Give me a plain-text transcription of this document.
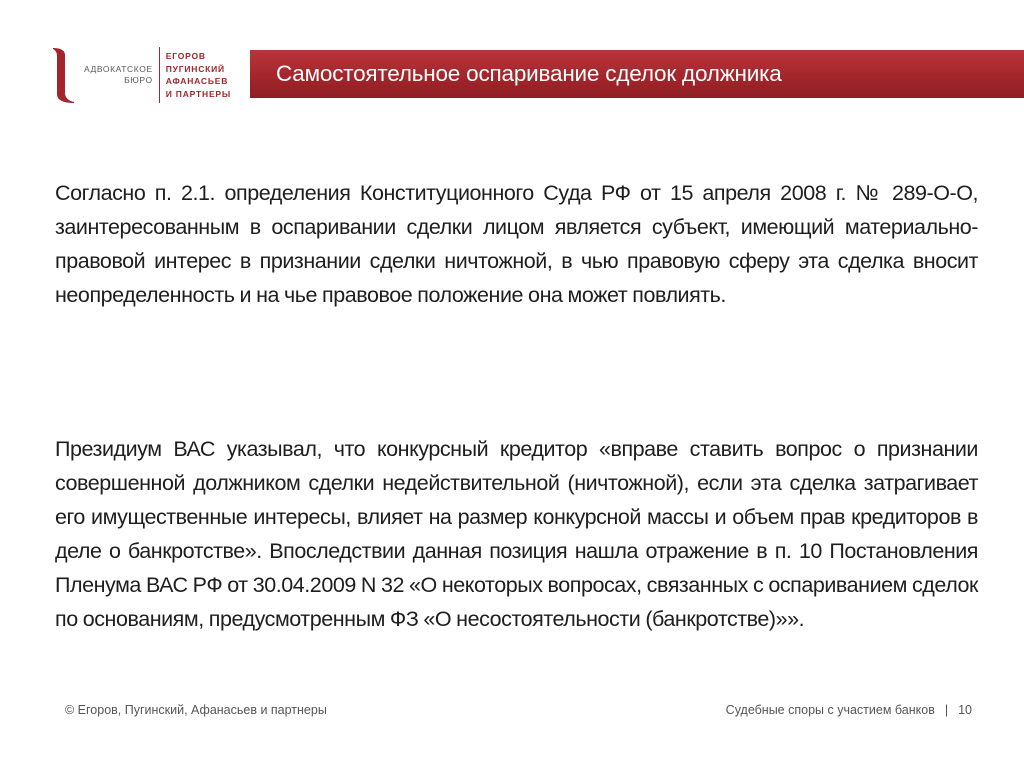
АДВОКАТСКОЕ
БЮРО
ЕГОРОВ
ПУГИНСКИЙ
АФАНАСЬЕВ
И ПАРТНЕРЫ
Самостоятельное оспаривание сделок должника

Согласно п. 2.1. определения Конституционного Суда РФ от 15 апреля 2008 г. № 289-О-О, заинтересованным в оспаривании сделки лицом является субъект, имеющий материально-правовой интерес в признании сделки ничтожной, в чью правовую сферу эта сделка вносит неопределенность и на чье правовое положение она может повлиять.

Президиум ВАС указывал, что конкурсный кредитор «вправе ставить вопрос о признании совершенной должником сделки недействительной (ничтожной), если эта сделка затрагивает его имущественные интересы, влияет на размер конкурсной массы и объем прав кредиторов в деле о банкротстве». Впоследствии данная позиция нашла отражение в п. 10 Постановления Пленума ВАС РФ от 30.04.2009 N 32 «О некоторых вопросах, связанных с оспариванием сделок по основаниям, предусмотренным ФЗ «О несостоятельности (банкротстве)»».

© Егоров, Пугинский, Афанасьев и партнеры	Судебные споры с участием банков | 10
